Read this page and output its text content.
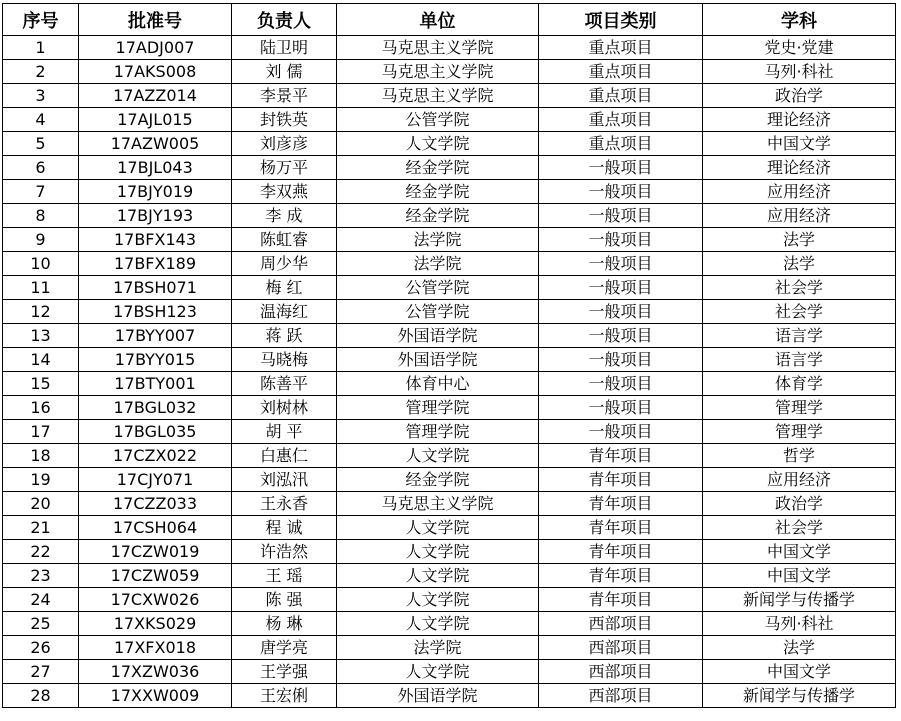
序号	批准号	负责人	单位	项目类别	学科
1	17ADJ007	陆卫明	马克思主义学院	重点项目	党史·党建
2	17AKS008	刘 儒	马克思主义学院	重点项目	马列·科社
3	17AZZ014	李景平	马克思主义学院	重点项目	政治学
4	17AJL015	封铁英	公管学院	重点项目	理论经济
5	17AZW005	刘彦彦	人文学院	重点项目	中国文学
6	17BJL043	杨万平	经金学院	一般项目	理论经济
7	17BJY019	李双燕	经金学院	一般项目	应用经济
8	17BJY193	李 成	经金学院	一般项目	应用经济
9	17BFX143	陈虹睿	法学院	一般项目	法学
10	17BFX189	周少华	法学院	一般项目	法学
11	17BSH071	梅 红	公管学院	一般项目	社会学
12	17BSH123	温海红	公管学院	一般项目	社会学
13	17BYY007	蒋 跃	外国语学院	一般项目	语言学
14	17BYY015	马晓梅	外国语学院	一般项目	语言学
15	17BTY001	陈善平	体育中心	一般项目	体育学
16	17BGL032	刘树林	管理学院	一般项目	管理学
17	17BGL035	胡 平	管理学院	一般项目	管理学
18	17CZX022	白惠仁	人文学院	青年项目	哲学
19	17CJY071	刘泓汛	经金学院	青年项目	应用经济
20	17CZZ033	王永香	马克思主义学院	青年项目	政治学
21	17CSH064	程 诚	人文学院	青年项目	社会学
22	17CZW019	许浩然	人文学院	青年项目	中国文学
23	17CZW059	王 瑶	人文学院	青年项目	中国文学
24	17CXW026	陈 强	人文学院	青年项目	新闻学与传播学
25	17XKS029	杨 琳	人文学院	西部项目	马列·科社
26	17XFX018	唐学亮	法学院	西部项目	法学
27	17XZW036	王学强	人文学院	西部项目	中国文学
28	17XXW009	王宏俐	外国语学院	西部项目	新闻学与传播学
